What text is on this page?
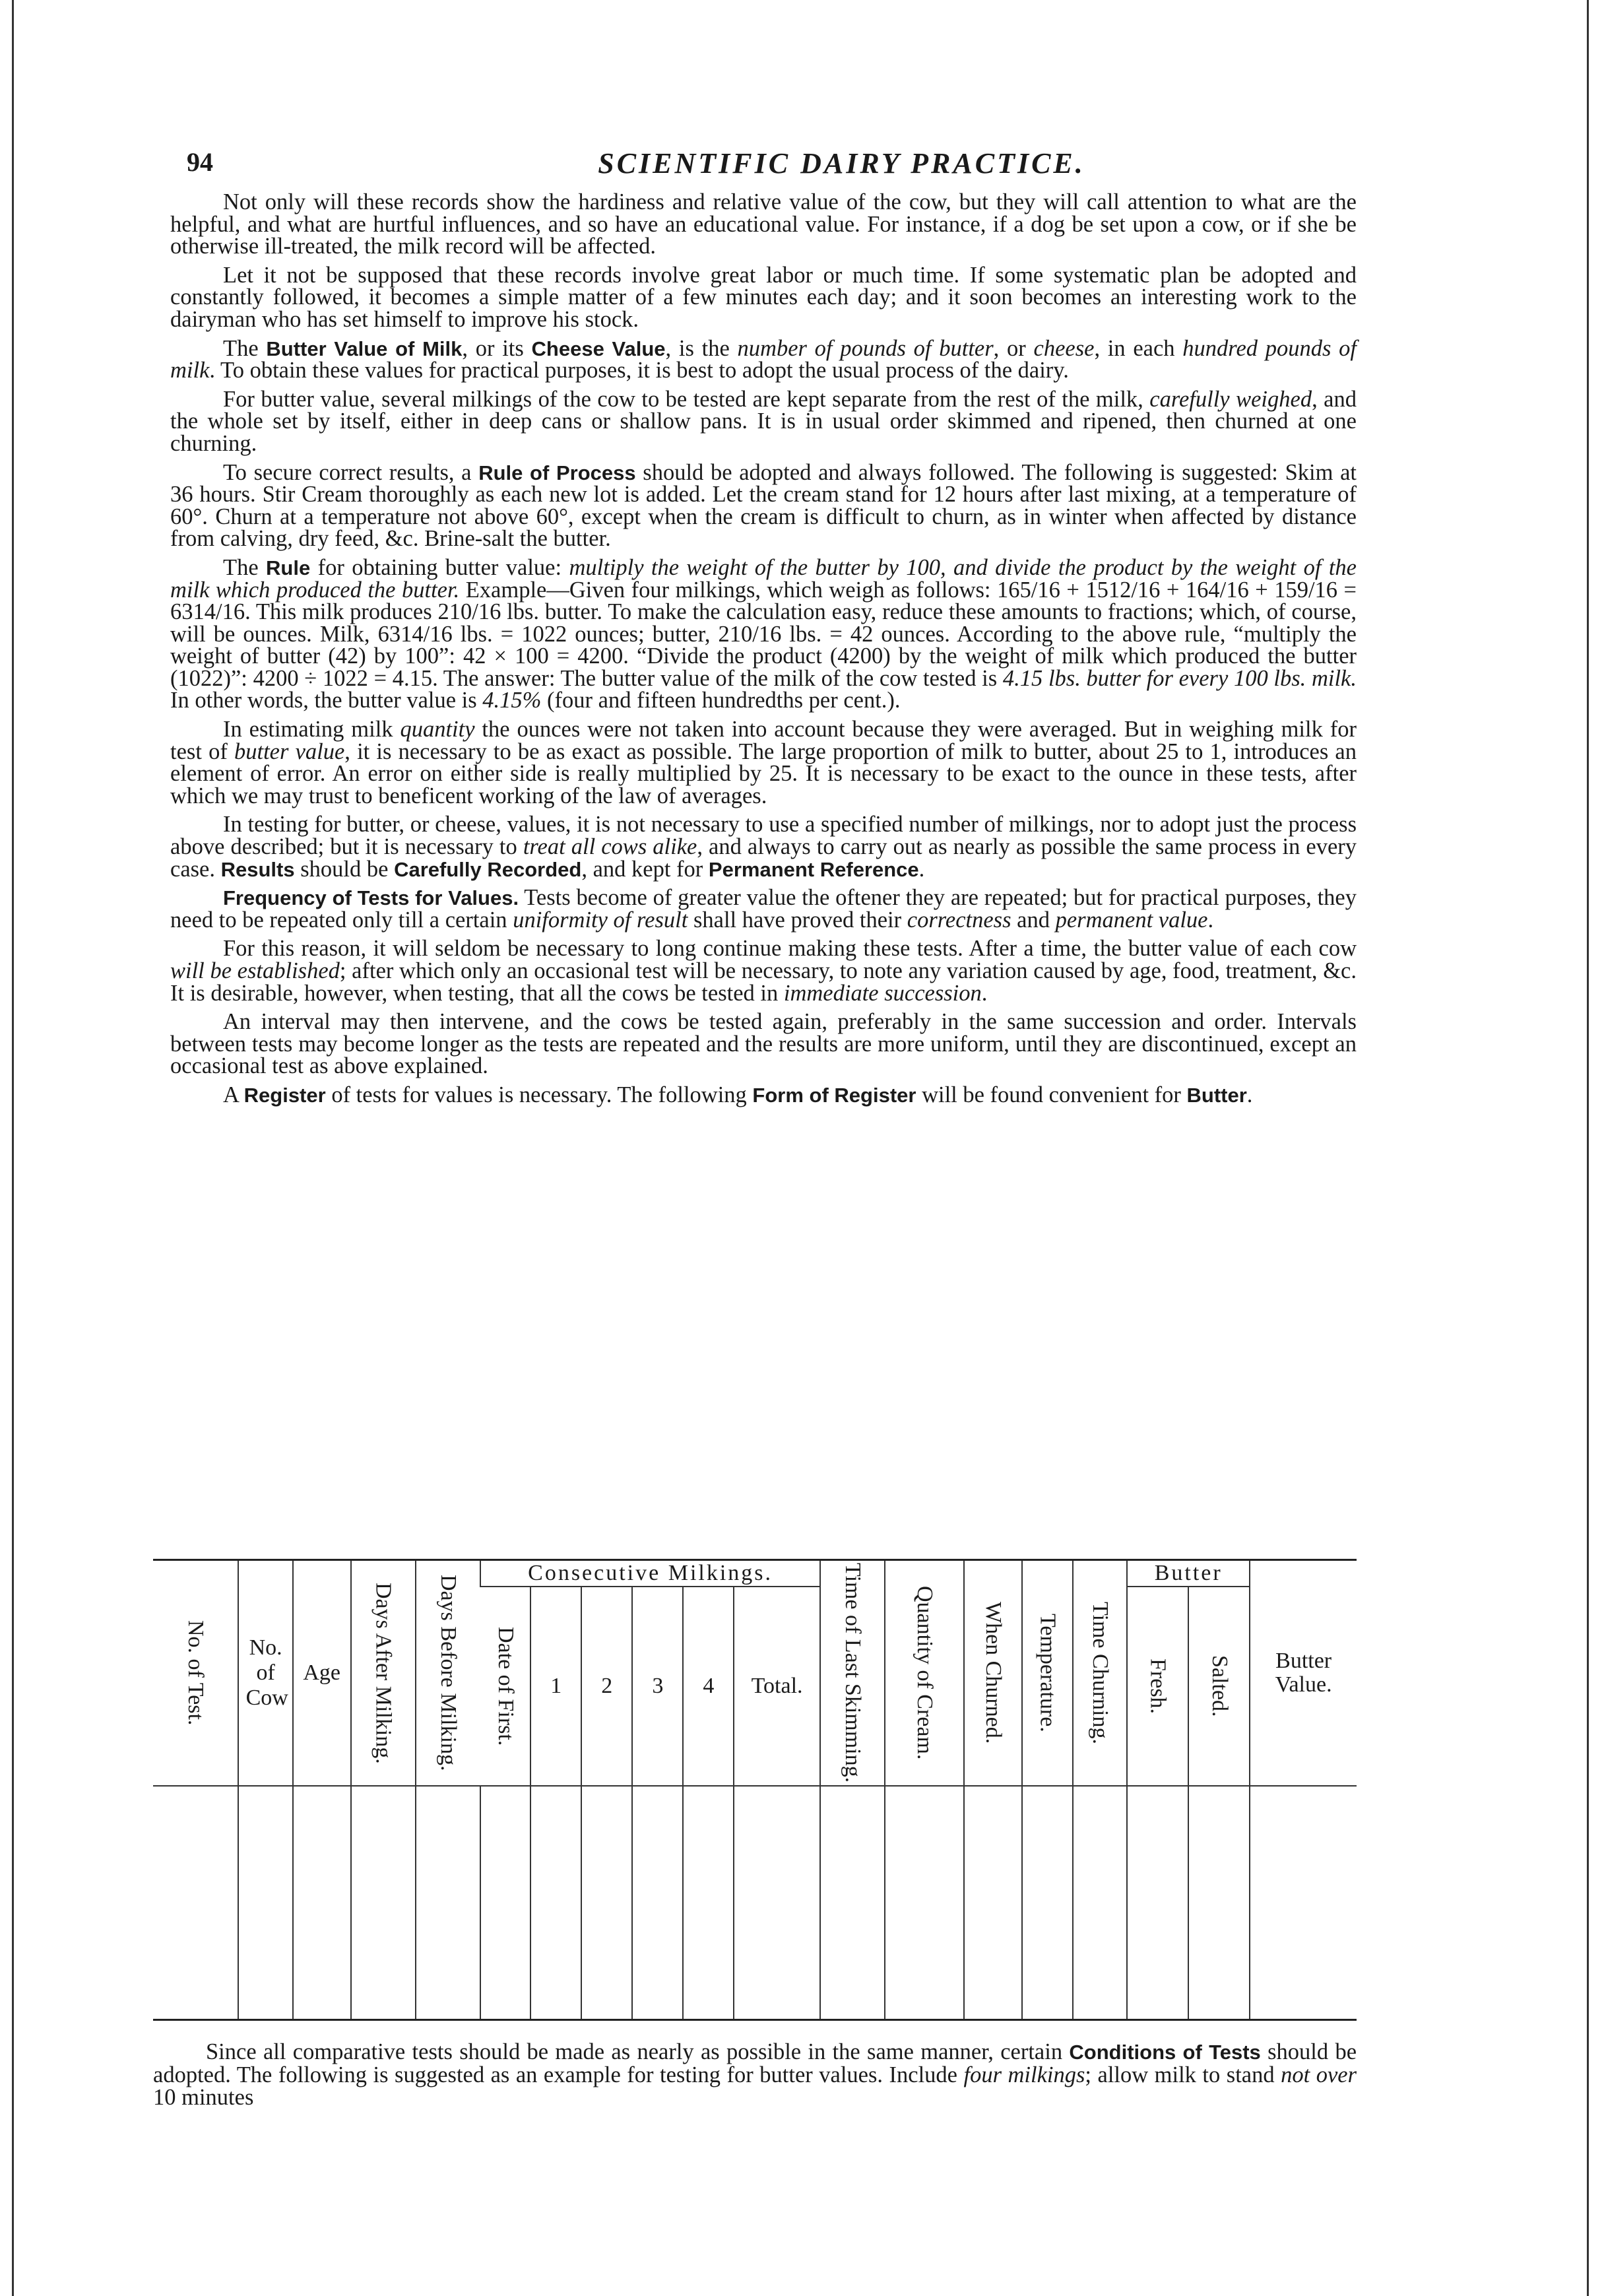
94	SCIENTIFIC DAIRY PRACTICE.

Not only will these records show the hardiness and relative value of the cow, but they will call attention to what are the helpful, and what are hurtful influences, and so have an educational value. For instance, if a dog be set upon a cow, or if she be otherwise ill-treated, the milk record will be affected.

Let it not be supposed that these records involve great labor or much time. If some systematic plan be adopted and constantly followed, it becomes a simple matter of a few minutes each day; and it soon becomes an interesting work to the dairyman who has set himself to improve his stock.

The Butter Value of Milk, or its Cheese Value, is the number of pounds of butter, or cheese, in each hundred pounds of milk. To obtain these values for practical purposes, it is best to adopt the usual process of the dairy.

For butter value, several milkings of the cow to be tested are kept separate from the rest of the milk, carefully weighed, and the whole set by itself, either in deep cans or shallow pans. It is in usual order skimmed and ripened, then churned at one churning.

To secure correct results, a Rule of Process should be adopted and always followed. The following is suggested: Skim at 36 hours. Stir Cream thoroughly as each new lot is added. Let the cream stand for 12 hours after last mixing, at a temperature of 60°. Churn at a temperature not above 60°, except when the cream is difficult to churn, as in winter when affected by distance from calving, dry feed, &c. Brine-salt the butter.

The Rule for obtaining butter value: multiply the weight of the butter by 100, and divide the product by the weight of the milk which produced the butter. Example—Given four milkings, which weigh as follows: 165/16 + 1512/16 + 164/16 + 159/16 = 6314/16. This milk produces 210/16 lbs. butter. To make the calculation easy, reduce these amounts to fractions; which, of course, will be ounces. Milk, 6314/16 lbs. = 1022 ounces; butter, 210/16 lbs. = 42 ounces. According to the above rule, “multiply the weight of butter (42) by 100”: 42 × 100 = 4200. “Divide the product (4200) by the weight of milk which produced the butter (1022)”: 4200 ÷ 1022 = 4.15. The answer: The butter value of the milk of the cow tested is 4.15 lbs. butter for every 100 lbs. milk. In other words, the butter value is 4.15% (four and fifteen hundredths per cent.).

In estimating milk quantity the ounces were not taken into account because they were averaged. But in weighing milk for test of butter value, it is necessary to be as exact as possible. The large proportion of milk to butter, about 25 to 1, introduces an element of error. An error on either side is really multiplied by 25. It is necessary to be exact to the ounce in these tests, after which we may trust to beneficent working of the law of averages.

In testing for butter, or cheese, values, it is not necessary to use a specified number of milkings, nor to adopt just the process above described; but it is necessary to treat all cows alike, and always to carry out as nearly as possible the same process in every case. Results should be Carefully Recorded, and kept for Permanent Reference.

Frequency of Tests for Values. Tests become of greater value the oftener they are repeated; but for practical purposes, they need to be repeated only till a certain uniformity of result shall have proved their correctness and permanent value.

For this reason, it will seldom be necessary to long continue making these tests. After a time, the butter value of each cow will be established; after which only an occasional test will be necessary, to note any variation caused by age, food, treatment, &c. It is desirable, however, when testing, that all the cows be tested in immediate succession.

An interval may then intervene, and the cows be tested again, preferably in the same succession and order. Intervals between tests may become longer as the tests are repeated and the results are more uniform, until they are discontinued, except an occasional test as above explained.

A Register of tests for values is necessary. The following Form of Register will be found convenient for Butter.

No. of Test.	No. of Cow	Age	Days After Milking.	Days Before Milking.	Consecutive Milkings.						Time of Last Skimming.	Quantity of Cream.	When Churned.	Temperature.	Time Churning.	Butter		Butter Value.

					Date of First.	1	2	3	4	Total.						Fresh.	Salted.	

Since all comparative tests should be made as nearly as possible in the same manner, certain Conditions of Tests should be adopted. The following is suggested as an example for testing for butter values. Include four milkings; allow milk to stand not over 10 minutes
